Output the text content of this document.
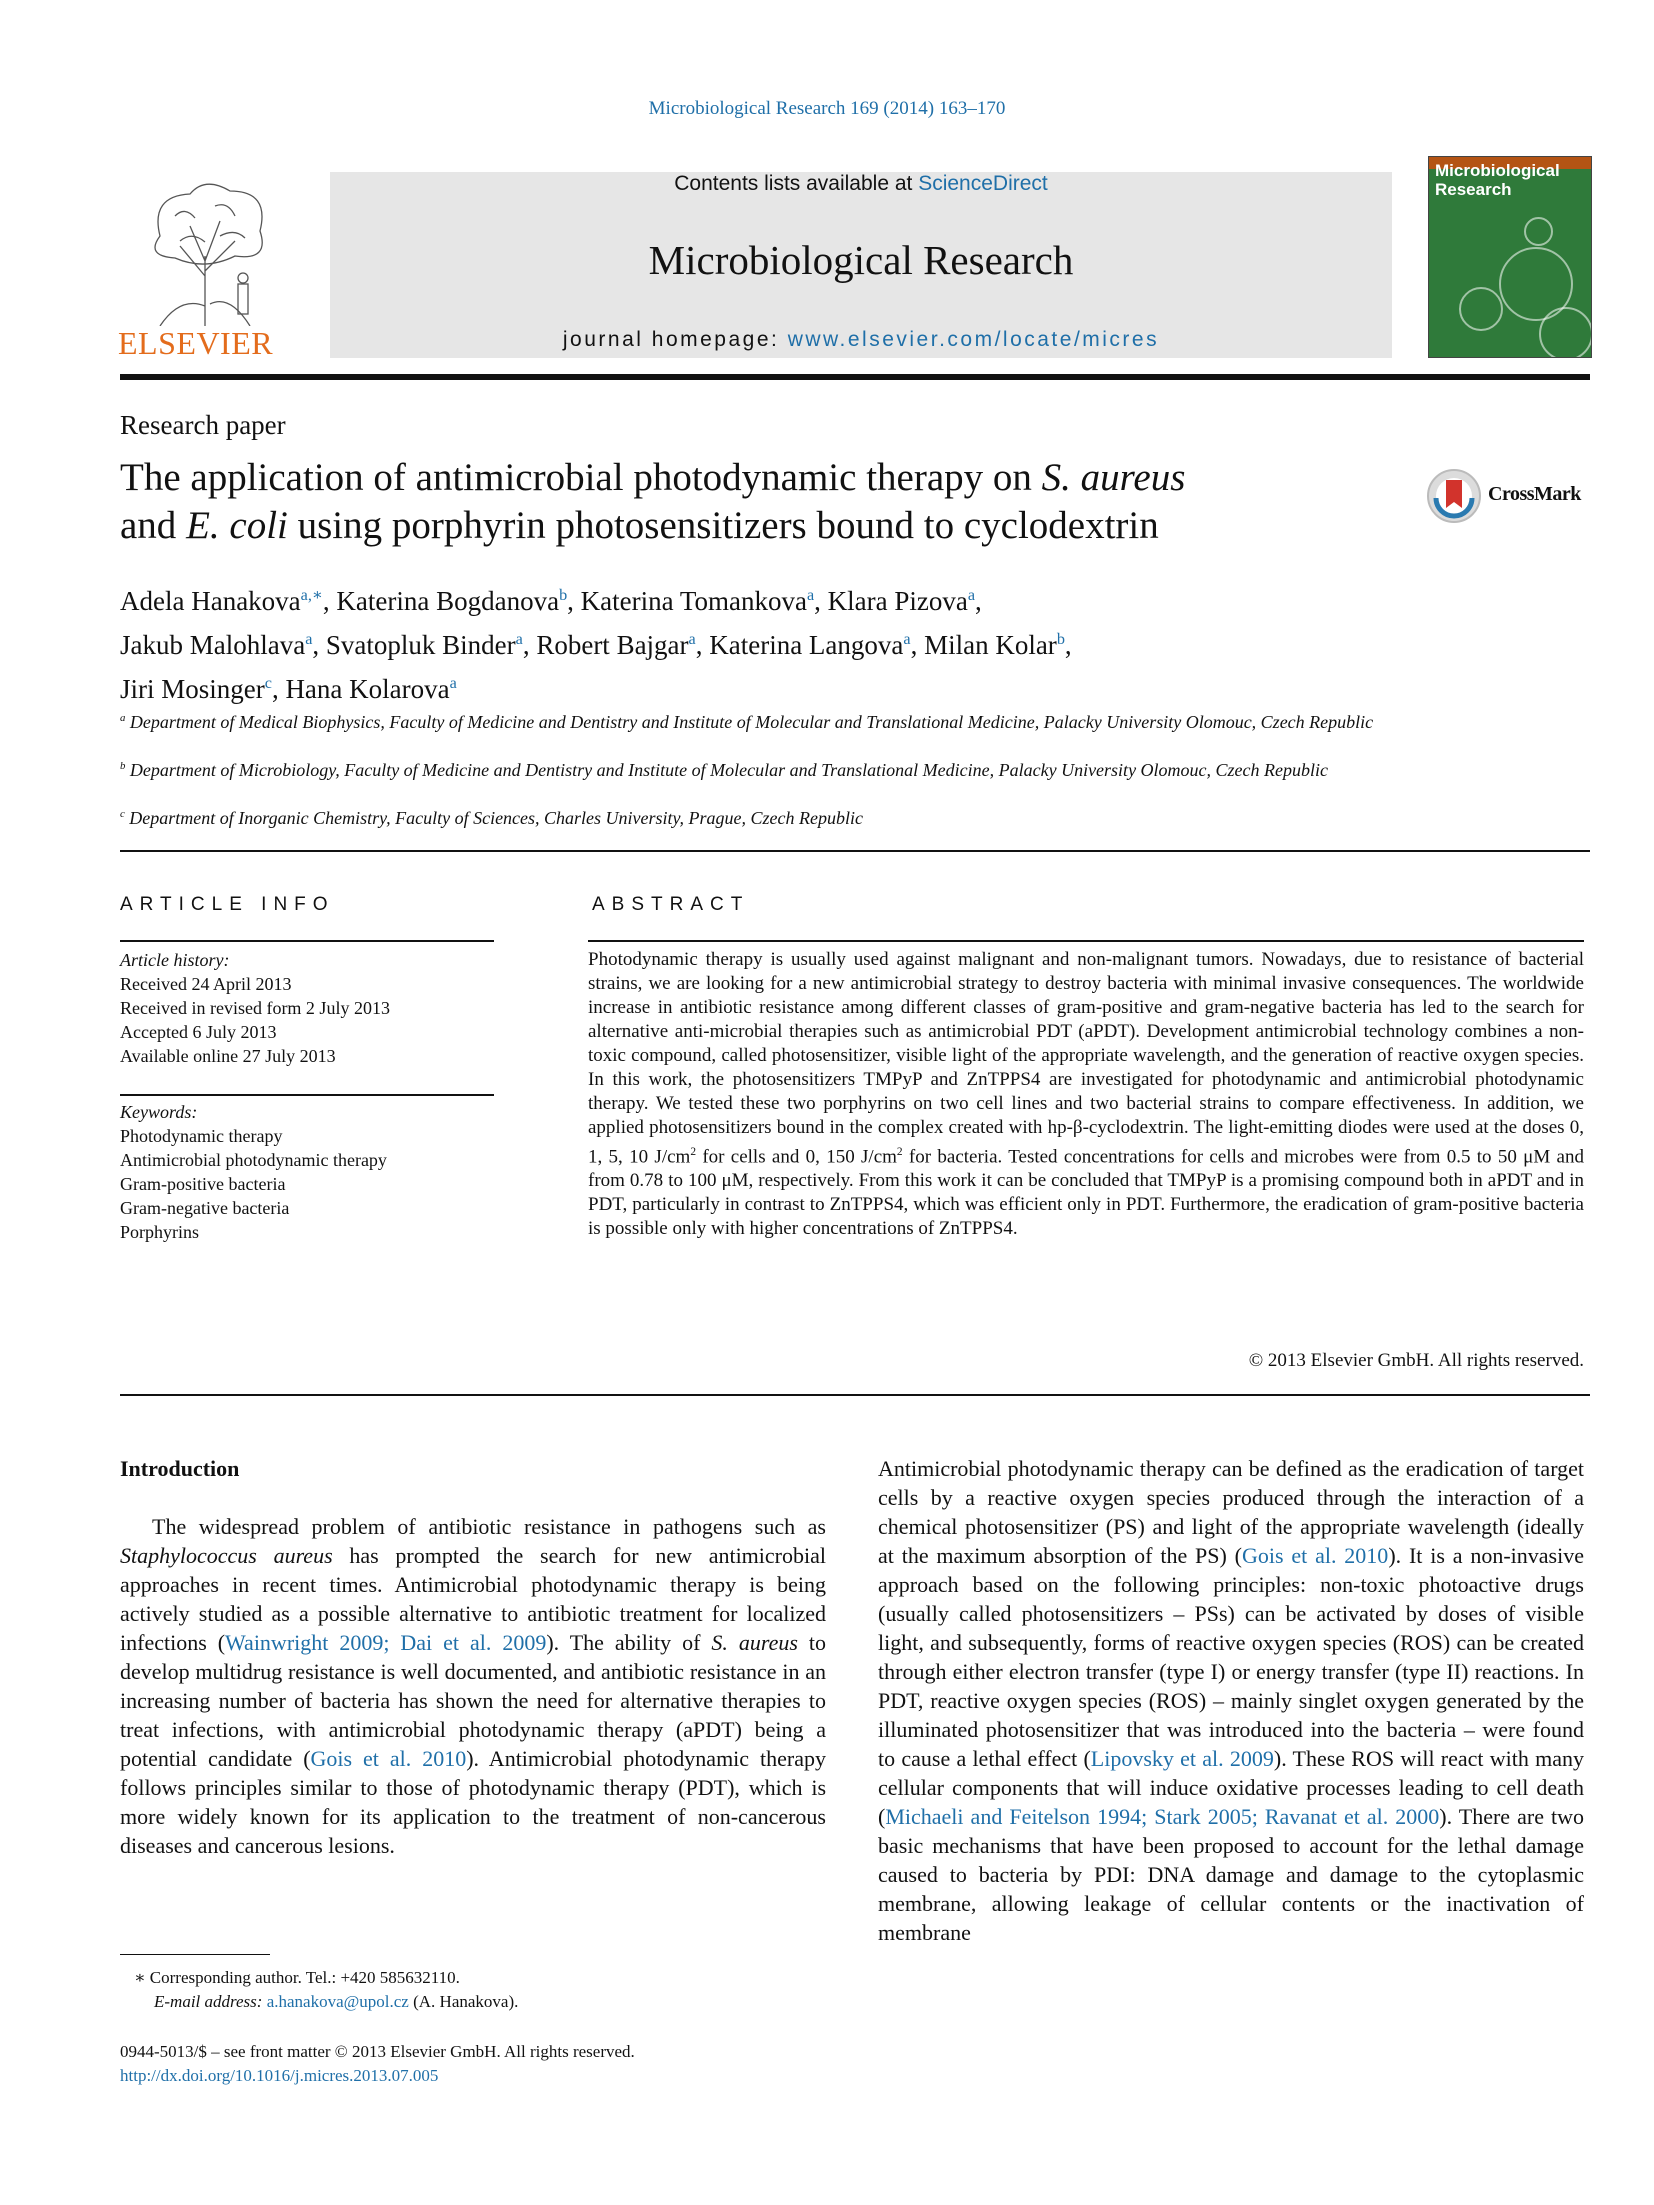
Microbiological Research 169 (2014) 163–170
ELSEVIER
Contents lists available at ScienceDirect
Microbiological Research
journal homepage: www.elsevier.com/locate/micres
Microbiological
Research
Research paper
The application of antimicrobial photodynamic therapy on S. aureus
and E. coli using porphyrin photosensitizers bound to cyclodextrin
CrossMark
Adela Hanakova$^{a,∗}$, Katerina Bogdanova$^b$, Katerina Tomankova$^a$, Klara Pizova$^a$,
Jakub Malohlava$^a$, Svatopluk Binder$^a$, Robert Bajgar$^a$, Katerina Langova$^a$, Milan Kolar$^b$,
Jiri Mosinger$^c$, Hana Kolarova$^a$
$^a$ Department of Medical Biophysics, Faculty of Medicine and Dentistry and Institute of Molecular and Translational Medicine, Palacky University Olomouc, Czech Republic
$^b$ Department of Microbiology, Faculty of Medicine and Dentistry and Institute of Molecular and Translational Medicine, Palacky University Olomouc, Czech Republic
$^c$ Department of Inorganic Chemistry, Faculty of Sciences, Charles University, Prague, Czech Republic
ARTICLE INFO
Article history:
Received 24 April 2013
Received in revised form 2 July 2013
Accepted 6 July 2013
Available online 27 July 2013
Keywords:
Photodynamic therapy
Antimicrobial photodynamic therapy
Gram-positive bacteria
Gram-negative bacteria
Porphyrins
ABSTRACT
Photodynamic therapy is usually used against malignant and non-malignant tumors. Nowadays, due to resistance of bacterial strains, we are looking for a new antimicrobial strategy to destroy bacteria with minimal invasive consequences. The worldwide increase in antibiotic resistance among different classes of gram-positive and gram-negative bacteria has led to the search for alternative anti-microbial therapies such as antimicrobial PDT (aPDT). Development antimicrobial technology combines a non-toxic compound, called photosensitizer, visible light of the appropriate wavelength, and the generation of reactive oxygen species. In this work, the photosensitizers TMPyP and ZnTPPS4 are investigated for photodynamic and antimicrobial photodynamic therapy. We tested these two porphyrins on two cell lines and two bacterial strains to compare effectiveness. In addition, we applied photosensitizers bound in the complex created with hp-β-cyclodextrin. The light-emitting diodes were used at the doses 0, 1, 5, 10 $J/cm^2$ for cells and 0, 150 $J/cm^2$ for bacteria. Tested concentrations for cells and microbes were from 0.5 to 50 μM and from 0.78 to 100 μM, respectively. From this work it can be concluded that TMPyP is a promising compound both in aPDT and in PDT, particularly in contrast to ZnTPPS4, which was efficient only in PDT. Furthermore, the eradication of gram-positive bacteria is possible only with higher concentrations of ZnTPPS4.
© 2013 Elsevier GmbH. All rights reserved.
Introduction
The widespread problem of antibiotic resistance in pathogens such as Staphylococcus aureus has prompted the search for new antimicrobial approaches in recent times. Antimicrobial photodynamic therapy is being actively studied as a possible alternative to antibiotic treatment for localized infections (Wainwright 2009; Dai et al. 2009). The ability of S. aureus to develop multidrug resistance is well documented, and antibiotic resistance in an increasing number of bacteria has shown the need for alternative therapies to treat infections, with antimicrobial photodynamic therapy (aPDT) being a potential candidate (Gois et al. 2010). Antimicrobial photodynamic therapy follows principles similar to those of photodynamic therapy (PDT), which is more widely known for its application to the treatment of non-cancerous diseases and cancerous lesions.
Antimicrobial photodynamic therapy can be defined as the eradication of target cells by a reactive oxygen species produced through the interaction of a chemical photosensitizer (PS) and light of the appropriate wavelength (ideally at the maximum absorption of the PS) (Gois et al. 2010). It is a non-invasive approach based on the following principles: non-toxic photoactive drugs (usually called photosensitizers – PSs) can be activated by doses of visible light, and subsequently, forms of reactive oxygen species (ROS) can be created through either electron transfer (type I) or energy transfer (type II) reactions. In PDT, reactive oxygen species (ROS) – mainly singlet oxygen generated by the illuminated photosensitizer that was introduced into the bacteria – were found to cause a lethal effect (Lipovsky et al. 2009). These ROS will react with many cellular components that will induce oxidative processes leading to cell death (Michaeli and Feitelson 1994; Stark 2005; Ravanat et al. 2000). There are two basic mechanisms that have been proposed to account for the lethal damage caused to bacteria by PDI: DNA damage and damage to the cytoplasmic membrane, allowing leakage of cellular contents or the inactivation of membrane
∗ Corresponding author. Tel.: +420 585632110.
E-mail address: a.hanakova@upol.cz (A. Hanakova).
0944-5013/$ – see front matter © 2013 Elsevier GmbH. All rights reserved.
http://dx.doi.org/10.1016/j.micres.2013.07.005
